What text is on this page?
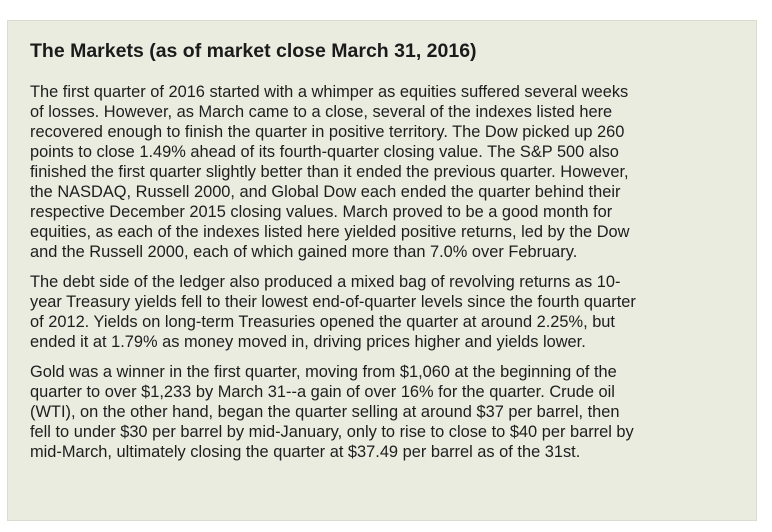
The Markets (as of market close March 31, 2016)

The first quarter of 2016 started with a whimper as equities suffered several weeks
of losses. However, as March came to a close, several of the indexes listed here
recovered enough to finish the quarter in positive territory. The Dow picked up 260
points to close 1.49% ahead of its fourth-quarter closing value. The S&P 500 also
finished the first quarter slightly better than it ended the previous quarter. However,
the NASDAQ, Russell 2000, and Global Dow each ended the quarter behind their
respective December 2015 closing values. March proved to be a good month for
equities, as each of the indexes listed here yielded positive returns, led by the Dow
and the Russell 2000, each of which gained more than 7.0% over February.

The debt side of the ledger also produced a mixed bag of revolving returns as 10-
year Treasury yields fell to their lowest end-of-quarter levels since the fourth quarter
of 2012. Yields on long-term Treasuries opened the quarter at around 2.25%, but
ended it at 1.79% as money moved in, driving prices higher and yields lower.

Gold was a winner in the first quarter, moving from $1,060 at the beginning of the
quarter to over $1,233 by March 31--a gain of over 16% for the quarter. Crude oil
(WTI), on the other hand, began the quarter selling at around $37 per barrel, then
fell to under $30 per barrel by mid-January, only to rise to close to $40 per barrel by
mid-March, ultimately closing the quarter at $37.49 per barrel as of the 31st.
